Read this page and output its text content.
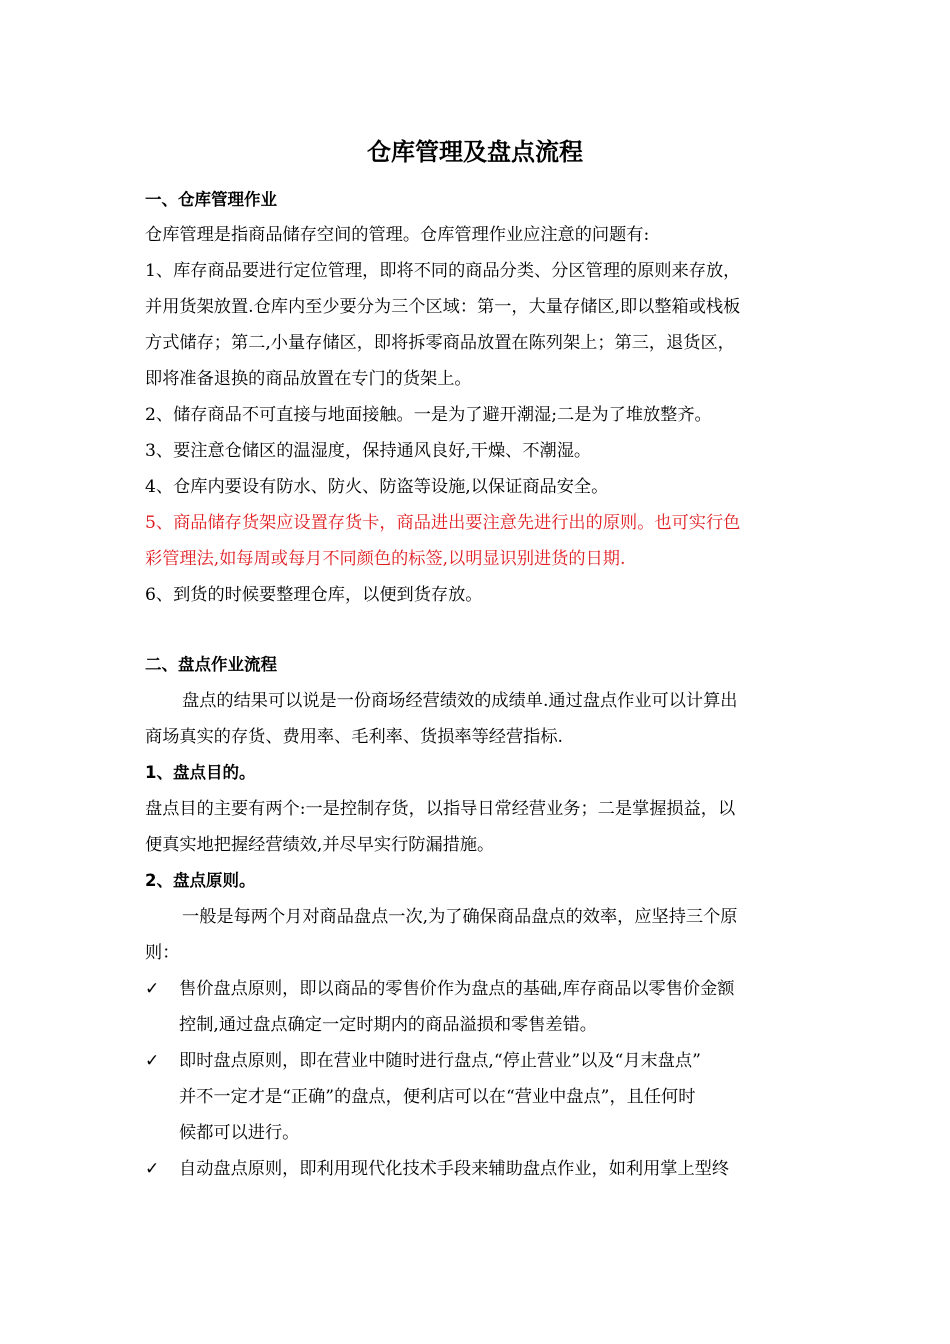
仓库管理及盘点流程

一、仓库管理作业

仓库管理是指商品储存空间的管理。仓库管理作业应注意的问题有:

1、库存商品要进行定位管理，即将不同的商品分类、分区管理的原则来存放，

并用货架放置.仓库内至少要分为三个区域：第一，大量存储区,即以整箱或栈板

方式储存；第二,小量存储区，即将拆零商品放置在陈列架上；第三，退货区，

即将准备退换的商品放置在专门的货架上。

2、储存商品不可直接与地面接触。一是为了避开潮湿;二是为了堆放整齐。

3、要注意仓储区的温湿度，保持通风良好,干燥、不潮湿。

4、仓库内要设有防水、防火、防盗等设施,以保证商品安全。

5、商品储存货架应设置存货卡，商品进出要注意先进行出的原则。也可实行色

彩管理法,如每周或每月不同颜色的标签,以明显识别进货的日期.

6、到货的时候要整理仓库，以便到货存放。

二、盘点作业流程

盘点的结果可以说是一份商场经营绩效的成绩单.通过盘点作业可以计算出

商场真实的存货、费用率、毛利率、货损率等经营指标.

1、盘点目的。

盘点目的主要有两个:一是控制存货，以指导日常经营业务；二是掌握损益，以

便真实地把握经营绩效,并尽早实行防漏措施。

2、盘点原则。

一般是每两个月对商品盘点一次,为了确保商品盘点的效率，应坚持三个原

则：

✓ 售价盘点原则，即以商品的零售价作为盘点的基础,库存商品以零售价金额

控制,通过盘点确定一定时期内的商品溢损和零售差错。

✓ 即时盘点原则，即在营业中随时进行盘点,“停止营业”以及“月末盘点”

并不一定才是“正确”的盘点，便利店可以在“营业中盘点”，且任何时

候都可以进行。

✓ 自动盘点原则，即利用现代化技术手段来辅助盘点作业，如利用掌上型终
